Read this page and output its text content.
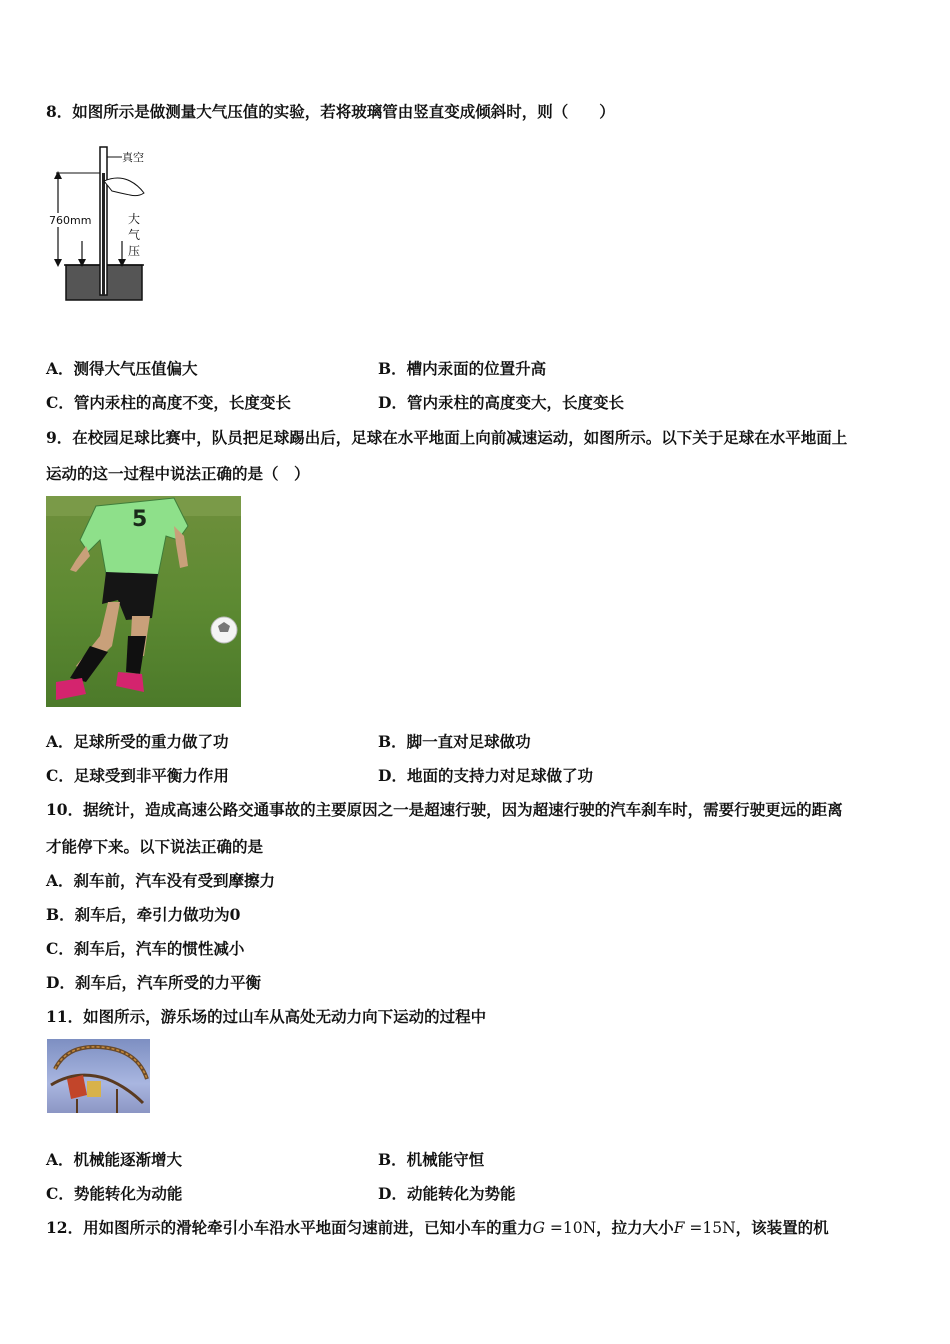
8．如图所示是做测量大气压值的实验，若将玻璃管由竖直变成倾斜时，则（　　）
真空
760mm	大
气
压
A．测得大气压值偏大	B．槽内汞面的位置升高
C．管内汞柱的高度不变，长度变长	D．管内汞柱的高度变大，长度变长
9．在校园足球比赛中，队员把足球踢出后，足球在水平地面上向前减速运动，如图所示。以下关于足球在水平地面上
运动的这一过程中说法正确的是（　）
5
A．足球所受的重力做了功	B．脚一直对足球做功
C．足球受到非平衡力作用	D．地面的支持力对足球做了功
10．据统计，造成高速公路交通事故的主要原因之一是超速行驶，因为超速行驶的汽车刹车时，需要行驶更远的距离
才能停下来。以下说法正确的是
A．刹车前，汽车没有受到摩擦力
B．刹车后，牵引力做功为0
C．刹车后，汽车的惯性减小
D．刹车后，汽车所受的力平衡
11．如图所示，游乐场的过山车从高处无动力向下运动的过程中
A．机械能逐渐增大	B．机械能守恒
C．势能转化为动能	D．动能转化为势能
12．用如图所示的滑轮牵引小车沿水平地面匀速前进，已知小车的重力G =10N，拉力大小F =15N，该装置的机
